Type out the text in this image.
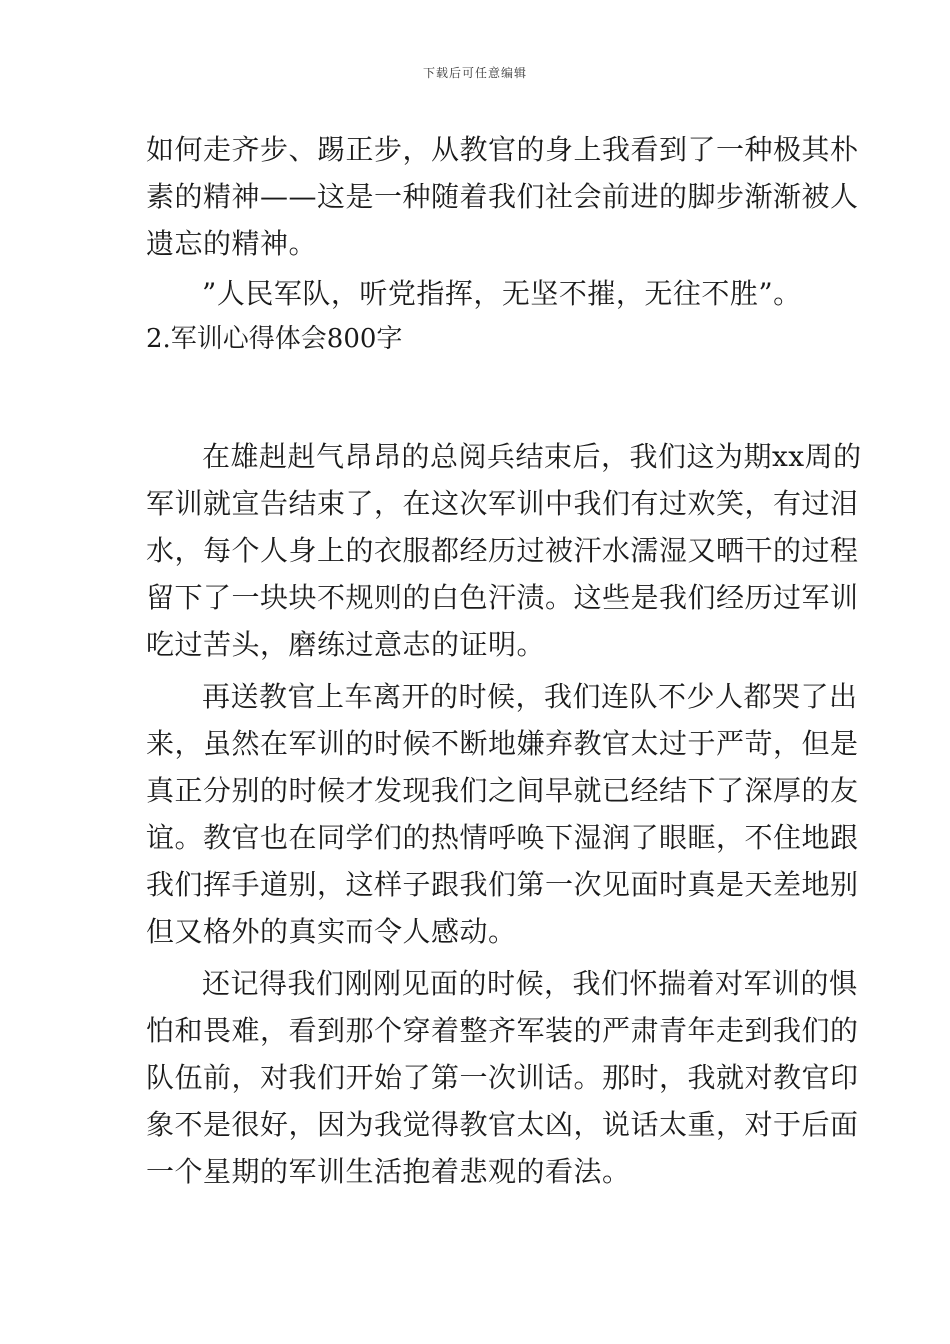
下载后可任意编辑
如何走齐步、踢正步，从教官的身上我看到了一种极其朴
素的精神——这是一种随着我们社会前进的脚步渐渐被人
遗忘的精神。
”人民军队，听党指挥，无坚不摧，无往不胜”。
2.军训心得体会800字
在雄赳赳气昂昂的总阅兵结束后，我们这为期xx周的
军训就宣告结束了，在这次军训中我们有过欢笑，有过泪
水，每个人身上的衣服都经历过被汗水濡湿又晒干的过程
留下了一块块不规则的白色汗渍。这些是我们经历过军训
吃过苦头，磨练过意志的证明。
再送教官上车离开的时候，我们连队不少人都哭了出
来，虽然在军训的时候不断地嫌弃教官太过于严苛，但是
真正分别的时候才发现我们之间早就已经结下了深厚的友
谊。教官也在同学们的热情呼唤下湿润了眼眶，不住地跟
我们挥手道别，这样子跟我们第一次见面时真是天差地别
但又格外的真实而令人感动。
还记得我们刚刚见面的时候，我们怀揣着对军训的惧
怕和畏难，看到那个穿着整齐军装的严肃青年走到我们的
队伍前，对我们开始了第一次训话。那时，我就对教官印
象不是很好，因为我觉得教官太凶，说话太重，对于后面
一个星期的军训生活抱着悲观的看法。
